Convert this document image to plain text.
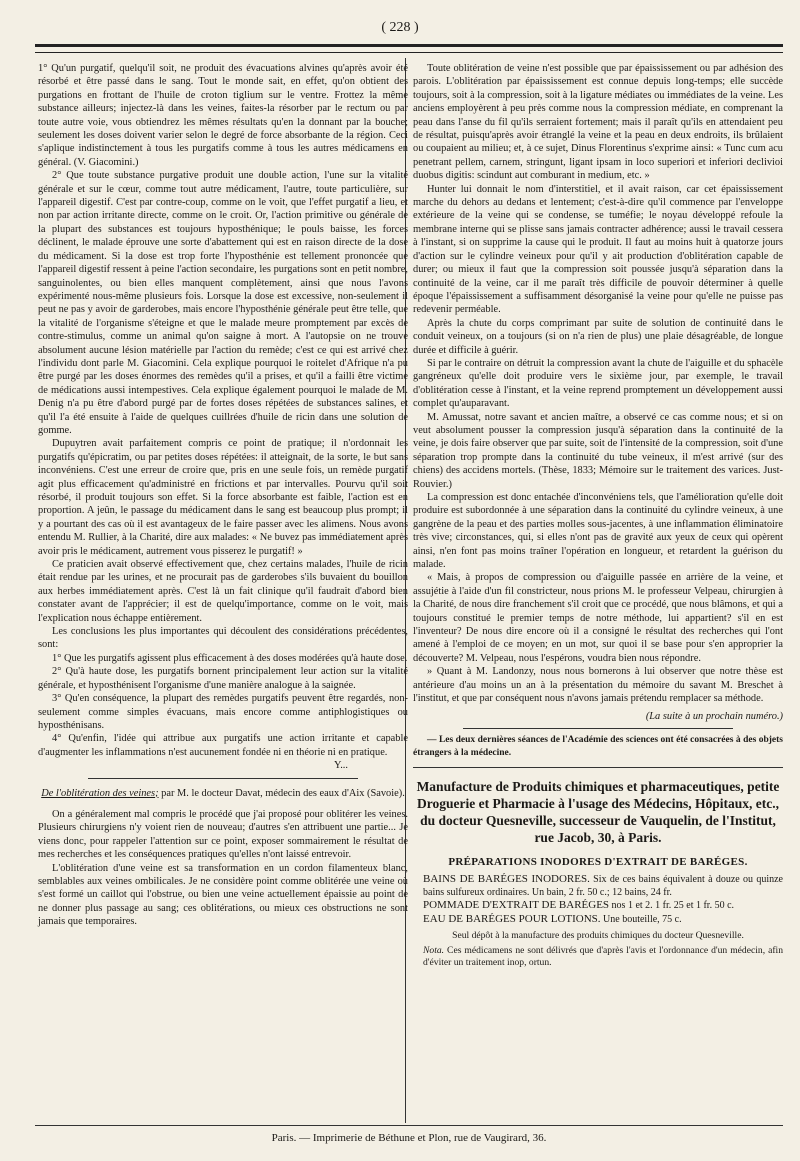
( 228 )

1° Qu'un purgatif, quelqu'il soit, ne produit des évacuations alvines qu'après avoir été résorbé et être passé dans le sang. Tout le monde sait, en effet, qu'on obtient des purgations en frottant de l'huile de croton tiglium sur le ventre. Frottez la même substance ailleurs; injectez-là dans les veines, faites-la résorber par le rectum ou par toute autre voie, vous obtiendrez les mêmes résultats qu'en la donnant par la bouche; seulement les doses doivent varier selon le degré de force absorbante de la région. Ceci s'aplique indistinctement à tous les purgatifs comme à tous les autres médicamens en général. (V. Giacomini.)

2° Que toute substance purgative produit une double action, l'une sur la vitalité générale et sur le cœur, comme tout autre médicament, l'autre, toute particulière, sur l'appareil digestif. C'est par contre-coup, comme on le voit, que l'effet purgatif a lieu, et non par action irritante directe, comme on le croit. Or, l'action primitive ou générale de la plupart des substances est toujours hyposthénique; le pouls baisse, les forces déclinent, le malade éprouve une sorte d'abattement qui est en raison directe de la dose du médicament. Si la dose est trop forte l'hyposthénie est tellement prononcée que l'appareil digestif ressent à peine l'action secondaire, les purgations sont en petit nombre, sanguinolentes, ou bien elles manquent complètement, ainsi que nous l'avons expérimenté nous-même plusieurs fois. Lorsque la dose est excessive, non-seulement il peut ne pas y avoir de garderobes, mais encore l'hyposthénie générale peut être telle, que la vitalité de l'organisme s'éteigne et que le malade meure promptement par excès de contre-stimulus, comme un animal qu'on saigne à mort. A l'autopsie on ne trouve absolument aucune lésion matérielle par l'action du remède; c'est ce qui est arrivé chez l'individu dont parle M. Giacomini. Cela explique pourquoi le roitelet d'Afrique n'a pu être purgé par les doses énormes des remèdes qu'il a prises, et qu'il a failli être victime de médications aussi intempestives. Cela explique également pourquoi le malade de M. Denig n'a pu être d'abord purgé par de fortes doses répétées de substances salines, et qu'il l'a été ensuite à l'aide de quelques cuillrées d'huile de ricin dans une solution de gomme.

Dupuytren avait parfaitement compris ce point de pratique; il n'ordonnait les purgatifs qu'épicratim, ou par petites doses répétées: il atteignait, de la sorte, le but sans inconvéniens. C'est une erreur de croire que, pris en une seule fois, un remède purgatif agit plus efficacement qu'administré en frictions et par intervalles. Pourvu qu'il soit résorbé, il produit toujours son effet. Si la force absorbante est faible, l'action est en proportion. A jeûn, le passage du médicament dans le sang est beaucoup plus prompt; il y a pourtant des cas où il est avantageux de le faire passer avec les alimens. Nous avons entendu M. Rullier, à la Charité, dire aux malades: « Ne buvez pas immédiatement après avoir pris le médicament, autrement vous pisserez le purgatif! »

Ce praticien avait observé effectivement que, chez certains malades, l'huile de ricin était rendue par les urines, et ne procurait pas de garderobes s'ils buvaient du bouillon aux herbes immédiatement après. C'est là un fait clinique qu'il faudrait d'abord bien constater avant de l'apprécier; il est de quelqu'importance, comme on le voit, mais l'explication nous échappe entièrement.

Les conclusions les plus importantes qui découlent des considérations précédentes, sont:

1° Que les purgatifs agissent plus efficacement à des doses modérées qu'à haute dose.

2° Qu'à haute dose, les purgatifs bornent principalement leur action sur la vitalité générale, et hyposthénisent l'organisme d'une manière analogue à la saignée.

3° Qu'en conséquence, la plupart des remèdes purgatifs peuvent être regardés, non-seulement comme simples évacuans, mais encore comme antiphlogistiques ou hyposthénisans.

4° Qu'enfin, l'idée qui attribue aux purgatifs une action irritante et capable d'augmenter les inflammations n'est aucunement fondée ni en théorie ni en pratique.

Y...
De l'oblitération des veines; par M. le docteur Davat, médecin des eaux d'Aix (Savoie).

On a généralement mal compris le procédé que j'ai proposé pour oblitérer les veines. Plusieurs chirurgiens n'y voient rien de nouveau; d'autres s'en attribuent une partie... Je viens donc, pour rappeler l'attention sur ce point, exposer sommairement le résultat de mes recherches et les conséquences pratiques qu'elles n'ont laissé entrevoir.

L'oblitération d'une veine est sa transformation en un cordon filamenteux blanc, semblables aux veines ombilicales. Je ne considère point comme oblitérée une veine où s'est formé un caillot qui l'obstrue, ou bien une veine actuellement épaissie au point de ne donner plus passage au sang; ces oblitérations, ou mieux ces obstructions ne sont jamais que temporaires.

Toute oblitération de veine n'est possible que par épaississement ou par adhésion des parois. L'oblitération par épaississement est connue depuis long-temps; elle succède toujours, soit à la compression, soit à la ligature médiates ou immédiates de la veine. Les anciens employèrent à peu près comme nous la compression médiate, en comprenant la peau dans l'anse du fil qu'ils serraient fortement; mais il paraît qu'ils en attendaient peu de résultat, puisqu'après avoir étranglé la veine et la peau en deux endroits, ils brûlaient ou coupaient au milieu; et, à ce sujet, Dinus Florentinus s'exprime ainsi: « Tunc cum acu penetrant pellem, carnem, stringunt, ligant ipsam in loco superiori et inferiori declivioi duobus digitis: scindunt aut comburant in medium, etc. »

Hunter lui donnait le nom d'interstitiel, et il avait raison, car cet épaississement marche du dehors au dedans et lentement; c'est-à-dire qu'il commence par l'enveloppe extérieure de la veine qui se condense, se tuméfie; le noyau développé refoule la membrane interne qui se plisse sans jamais contracter adhérence; aussi le travail cessera à l'instant, si on supprime la cause qui le produit. Il faut au moins huit à quatorze jours d'action sur le cylindre veineux pour qu'il y ait production d'oblitération capable de durer; ou mieux il faut que la compression soit poussée jusqu'à séparation dans la continuité de la veine, car il me paraît très difficile de pouvoir déterminer à quelle époque l'épaississement a suffisamment désorganisé la veine pour qu'elle ne puisse pas redevenir perméable.

Après la chute du corps comprimant par suite de solution de continuité dans le conduit veineux, on a toujours (si on n'a rien de plus) une plaie désagréable, de longue durée et difficile à guérir.

Si par le contraire on détruit la compression avant la chute de l'aiguille et du sphacèle gangréneux qu'elle doit produire vers le sixième jour, par exemple, le travail d'oblitération cesse à l'instant, et la veine reprend promptement un développement aussi complet qu'auparavant.

M. Amussat, notre savant et ancien maître, a observé ce cas comme nous; et si on veut absolument pousser la compression jusqu'à séparation dans la continuité de la veine, je dois faire observer que par suite, soit de l'intensité de la compression, soit d'une séparation trop prompte dans la continuité du tube veineux, il m'est arrivé (sur des chiens) des accidens mortels. (Thèse, 1833; Mémoire sur le traitement des varices. Just-Rouvier.)

La compression est donc entachée d'inconvéniens tels, que l'amélioration qu'elle doit produire est subordonnée à une séparation dans la continuité du cylindre veineux, à une gangrène de la peau et des parties molles sous-jacentes, à une inflammation éliminatoire très vive; circonstances, qui, si elles n'ont pas de gravité aux yeux de ceux qui opèrent ainsi, n'en font pas moins traîner l'opération en longueur, et retardent la guérison du malade.

« Mais, à propos de compression ou d'aiguille passée en arrière de la veine, et assujétie à l'aide d'un fil constricteur, nous prions M. le professeur Velpeau, chirurgien à la Charité, de nous dire franchement s'il croit que ce procédé, que nous blâmons, et qui a toujours constitué le premier temps de notre méthode, lui appartient? s'il en est l'inventeur? De nous dire encore où il a consigné le résultat des recherches qui l'ont amené à l'emploi de ce moyen; en un mot, sur quoi il se base pour s'en approprier la découverte? M. Velpeau, nous l'espérons, voudra bien nous répondre.

» Quant à M. Landonzy, nous nous bornerons à lui observer que notre thèse est antérieure d'au moins un an à la présentation du mémoire du savant M. Breschet à l'institut, et que par conséquent nous n'avons jamais prétendu remplacer sa méthode.

(La suite à un prochain numéro.)

— Les deux dernières séances de l'Académie des sciences ont été consacrées à des objets étrangers à la médecine.

Manufacture de Produits chimiques et pharmaceutiques, petite Droguerie et Pharmacie à l'usage des Médecins, Hôpitaux, etc., du docteur Quesneville, successeur de Vauquelin, de l'Institut, rue Jacob, 30, à Paris.
PRÉPARATIONS INODORES D'EXTRAIT DE BARÉGES.
BAINS DE BARÉGES INODORES. Six de ces bains équivalent à douze ou quinze bains sulfureux ordinaires. Un bain, 2 fr. 50 c.; 12 bains, 24 fr.
POMMADE D'EXTRAIT DE BARÉGES nos 1 et 2. 1 fr. 25 et 1 fr. 50 c.
EAU DE BARÉGES POUR LOTIONS. Une bouteille, 75 c.
Seul dépôt à la manufacture des produits chimiques du docteur Quesneville.
Nota. Ces médicamens ne sont délivrés que d'après l'avis et l'ordonnance d'un médecin, afin d'éviter un traitement inop, ortun.
Paris. — Imprimerie de Béthune et Plon, rue de Vaugirard, 36.
